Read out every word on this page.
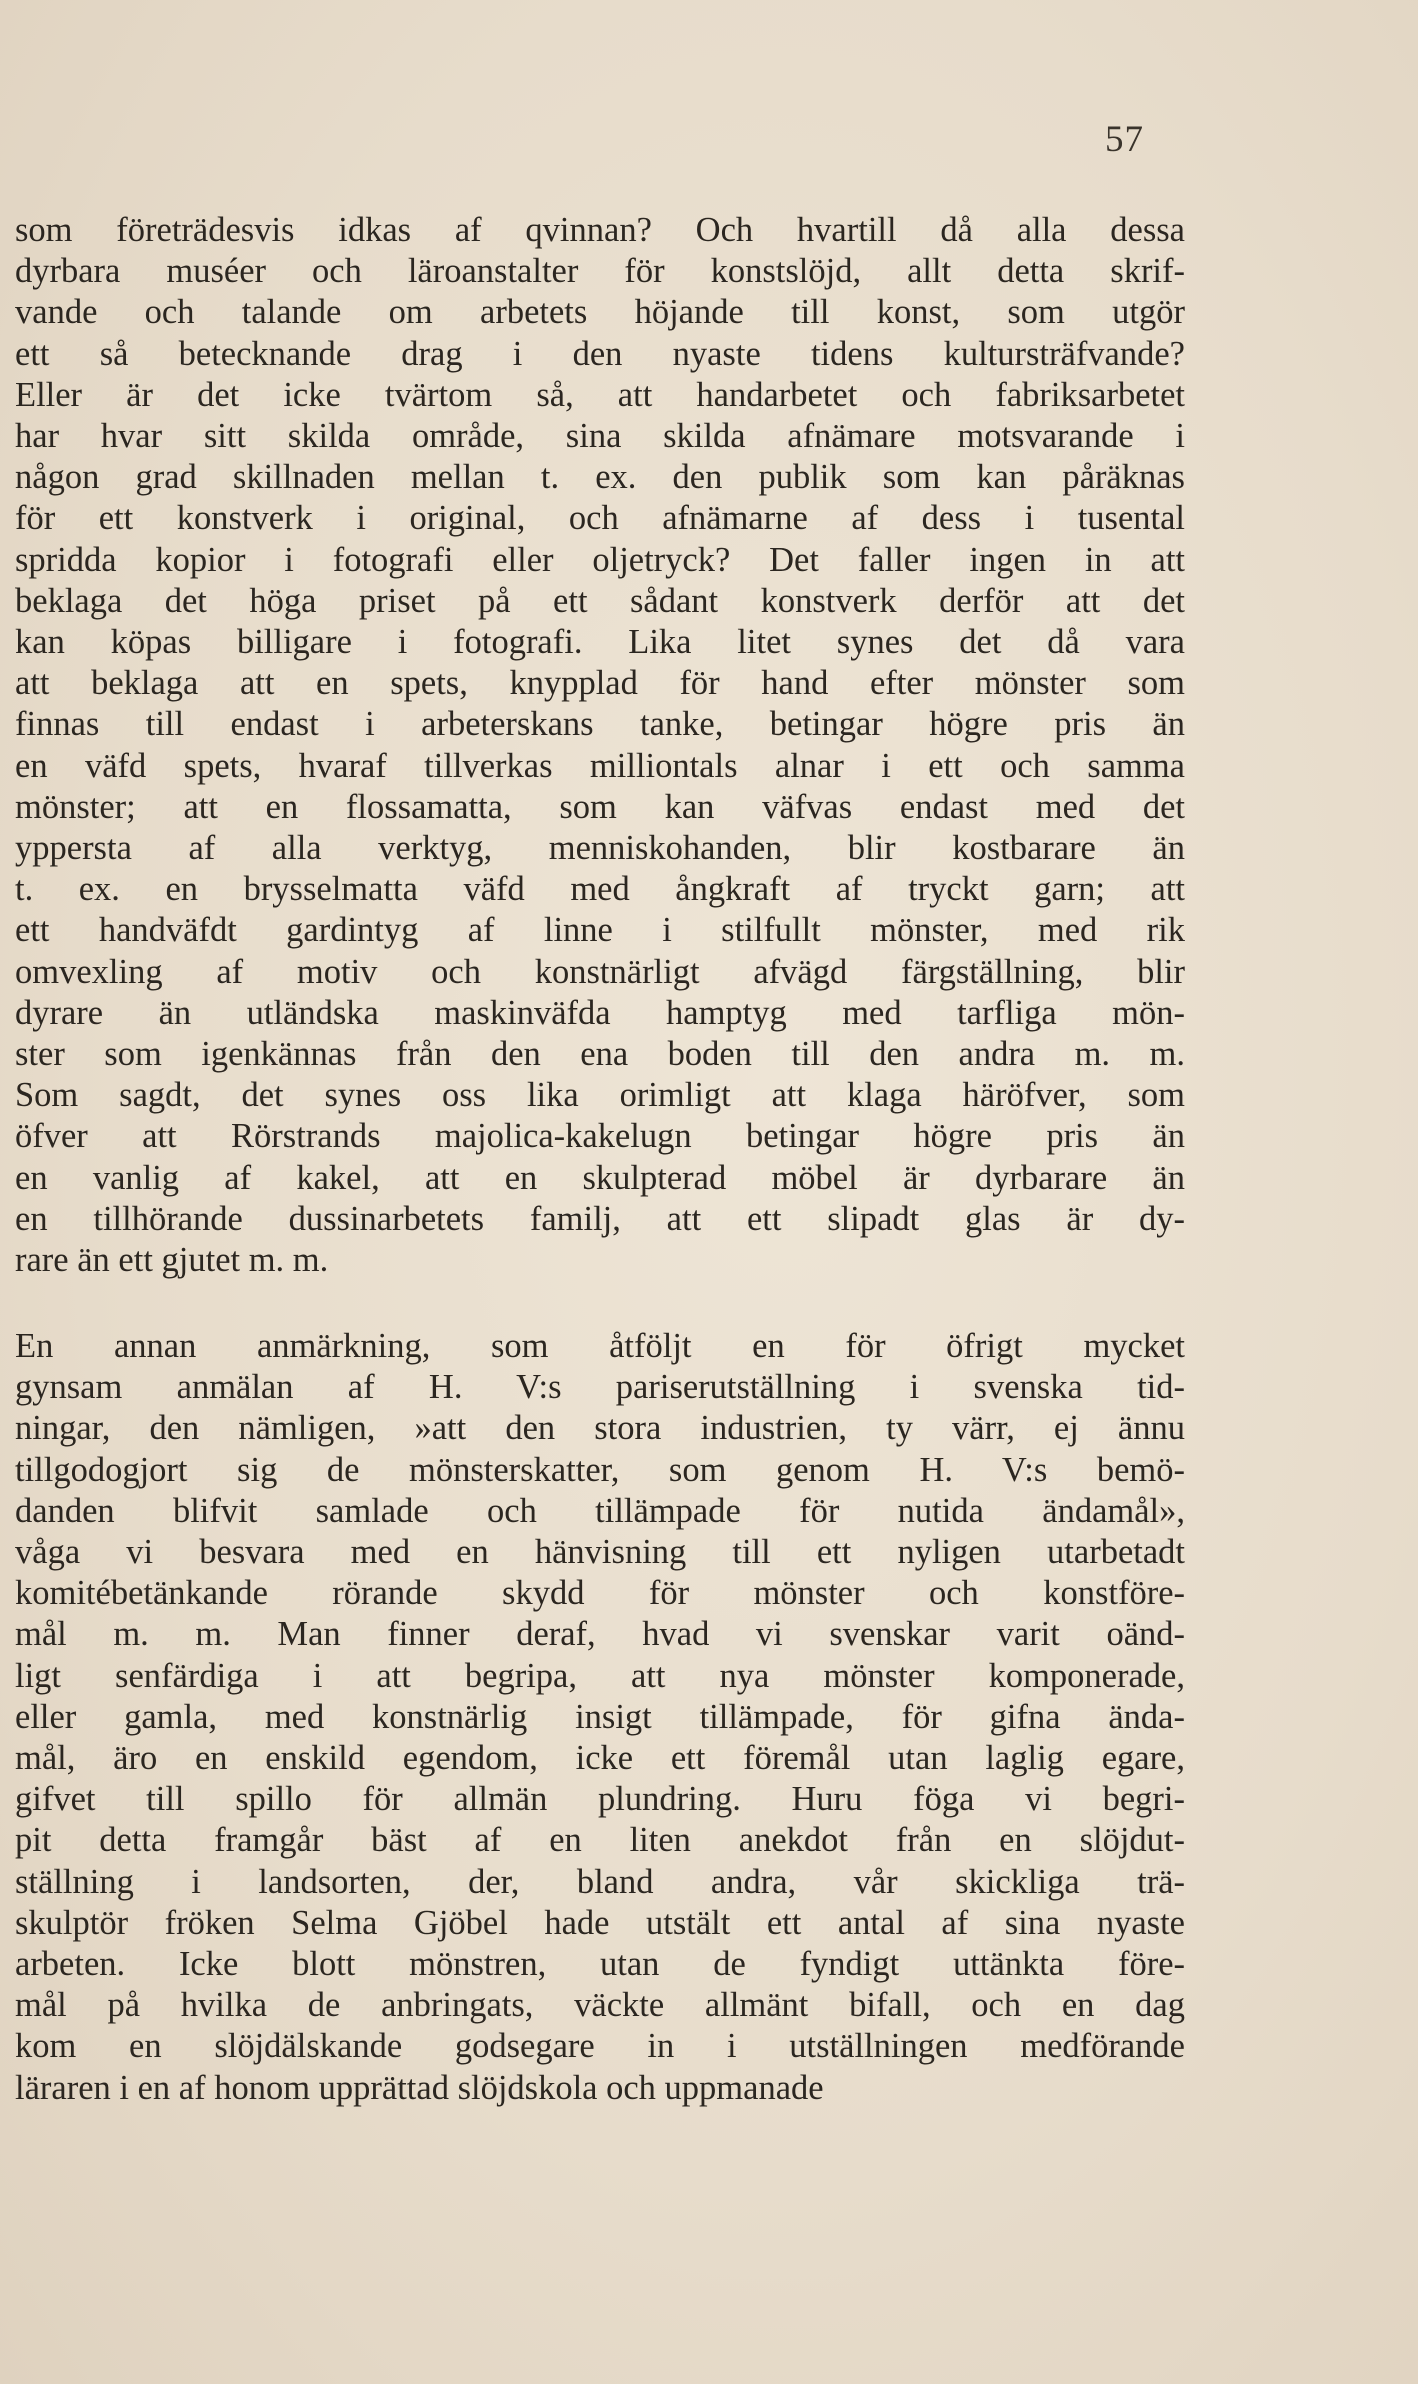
57
som företrädesvis idkas af qvinnan? Och hvartill då alla dessa
dyrbara muséer och läroanstalter för konstslöjd, allt detta skrif-
vande och talande om arbetets höjande till konst, som utgör
ett så betecknande drag i den nyaste tidens kultursträfvande?
Eller är det icke tvärtom så, att handarbetet och fabriksarbetet
har hvar sitt skilda område, sina skilda afnämare motsvarande i
någon grad skillnaden mellan t. ex. den publik som kan påräknas
för ett konstverk i original, och afnämarne af dess i tusental
spridda kopior i fotografi eller oljetryck? Det faller ingen in att
beklaga det höga priset på ett sådant konstverk derför att det
kan köpas billigare i fotografi. Lika litet synes det då vara
att beklaga att en spets, knypplad för hand efter mönster som
finnas till endast i arbeterskans tanke, betingar högre pris än
en väfd spets, hvaraf tillverkas milliontals alnar i ett och samma
mönster; att en flossamatta, som kan väfvas endast med det
yppersta af alla verktyg, menniskohanden, blir kostbarare än
t. ex. en brysselmatta väfd med ångkraft af tryckt garn; att
ett handväfdt gardintyg af linne i stilfullt mönster, med rik
omvexling af motiv och konstnärligt afvägd färgställning, blir
dyrare än utländska maskinväfda hamptyg med tarfliga mön-
ster som igenkännas från den ena boden till den andra m. m.
Som sagdt, det synes oss lika orimligt att klaga häröfver, som
öfver att Rörstrands majolica-kakelugn betingar högre pris än
en vanlig af kakel, att en skulpterad möbel är dyrbarare än
en tillhörande dussinarbetets familj, att ett slipadt glas är dy-
rare än ett gjutet m. m.
En annan anmärkning, som åtföljt en för öfrigt mycket
gynsam anmälan af H. V:s pariserutställning i svenska tid-
ningar, den nämligen, »att den stora industrien, ty värr, ej ännu
tillgodogjort sig de mönsterskatter, som genom H. V:s bemö-
danden blifvit samlade och tillämpade för nutida ändamål»,
våga vi besvara med en hänvisning till ett nyligen utarbetadt
komitébetänkande rörande skydd för mönster och konstföre-
mål m. m. Man finner deraf, hvad vi svenskar varit oänd-
ligt senfärdiga i att begripa, att nya mönster komponerade,
eller gamla, med konstnärlig insigt tillämpade, för gifna ända-
mål, äro en enskild egendom, icke ett föremål utan laglig egare,
gifvet till spillo för allmän plundring. Huru föga vi begri-
pit detta framgår bäst af en liten anekdot från en slöjdut-
ställning i landsorten, der, bland andra, vår skickliga trä-
skulptör fröken Selma Gjöbel hade utstält ett antal af sina nyaste
arbeten. Icke blott mönstren, utan de fyndigt uttänkta före-
mål på hvilka de anbringats, väckte allmänt bifall, och en dag
kom en slöjdälskande godsegare in i utställningen medförande
läraren i en af honom upprättad slöjdskola och uppmanade
